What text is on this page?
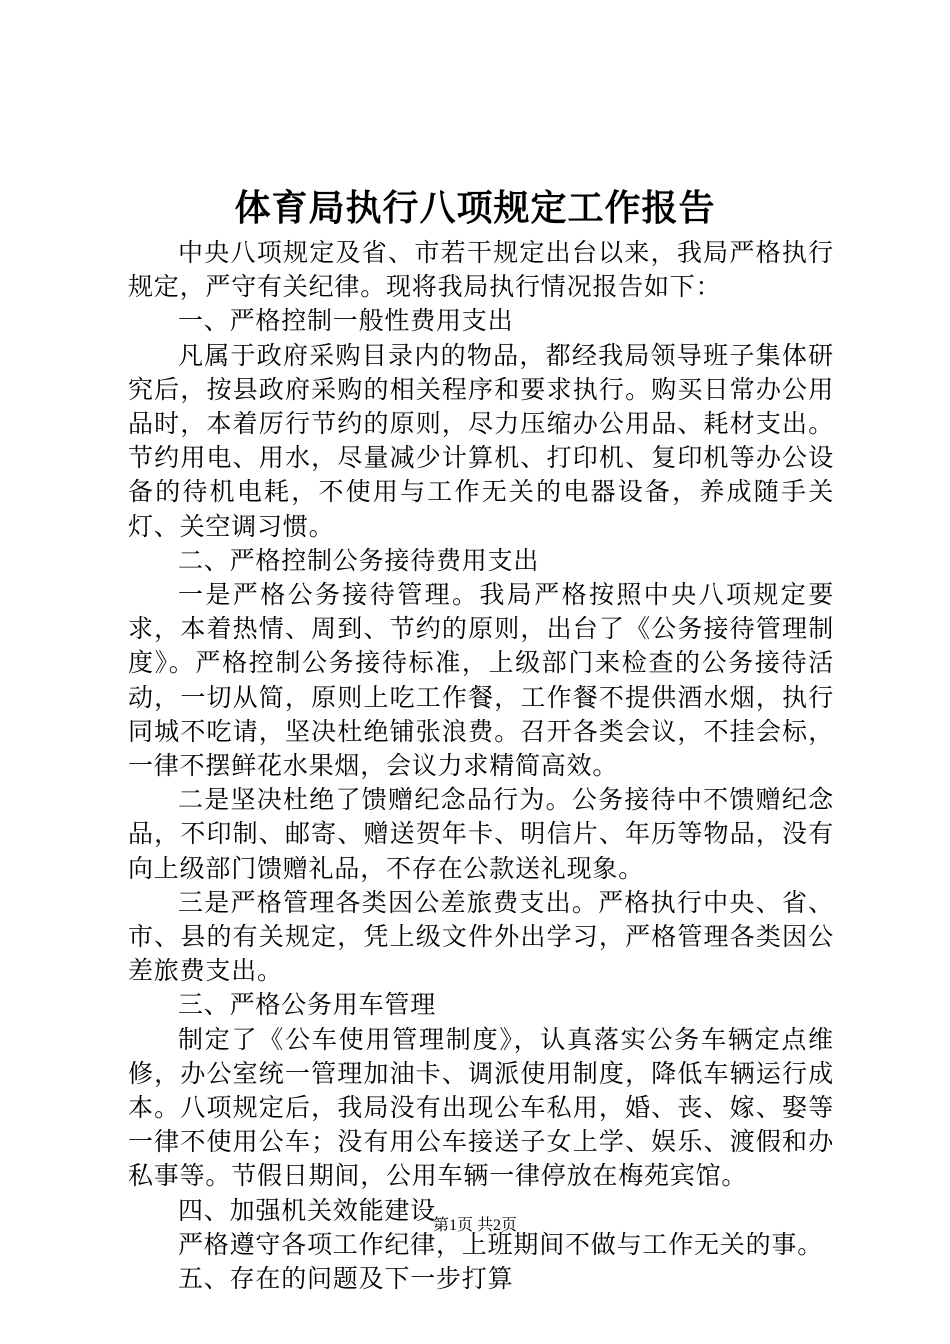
体育局执行八项规定工作报告

中央八项规定及省、市若干规定出台以来，我局严格执行规定，严守有关纪律。现将我局执行情况报告如下：

一、严格控制一般性费用支出

凡属于政府采购目录内的物品，都经我局领导班子集体研究后，按县政府采购的相关程序和要求执行。购买日常办公用品时，本着厉行节约的原则，尽力压缩办公用品、耗材支出。节约用电、用水，尽量减少计算机、打印机、复印机等办公设备的待机电耗，不使用与工作无关的电器设备，养成随手关灯、关空调习惯。

二、严格控制公务接待费用支出

一是严格公务接待管理。我局严格按照中央八项规定要求，本着热情、周到、节约的原则，出台了《公务接待管理制度》。严格控制公务接待标准，上级部门来检查的公务接待活动，一切从简，原则上吃工作餐，工作餐不提供酒水烟，执行同城不吃请，坚决杜绝铺张浪费。召开各类会议，不挂会标，一律不摆鲜花水果烟，会议力求精简高效。

二是坚决杜绝了馈赠纪念品行为。公务接待中不馈赠纪念品，不印制、邮寄、赠送贺年卡、明信片、年历等物品，没有向上级部门馈赠礼品，不存在公款送礼现象。

三是严格管理各类因公差旅费支出。严格执行中央、省、市、县的有关规定，凭上级文件外出学习，严格管理各类因公差旅费支出。

三、严格公务用车管理

制定了《公车使用管理制度》，认真落实公务车辆定点维修，办公室统一管理加油卡、调派使用制度，降低车辆运行成本。八项规定后，我局没有出现公车私用，婚、丧、嫁、娶等一律不使用公车；没有用公车接送子女上学、娱乐、渡假和办私事等。节假日期间，公用车辆一律停放在梅苑宾馆。

四、加强机关效能建设

严格遵守各项工作纪律，上班期间不做与工作无关的事。

五、存在的问题及下一步打算

第1页 共2页
